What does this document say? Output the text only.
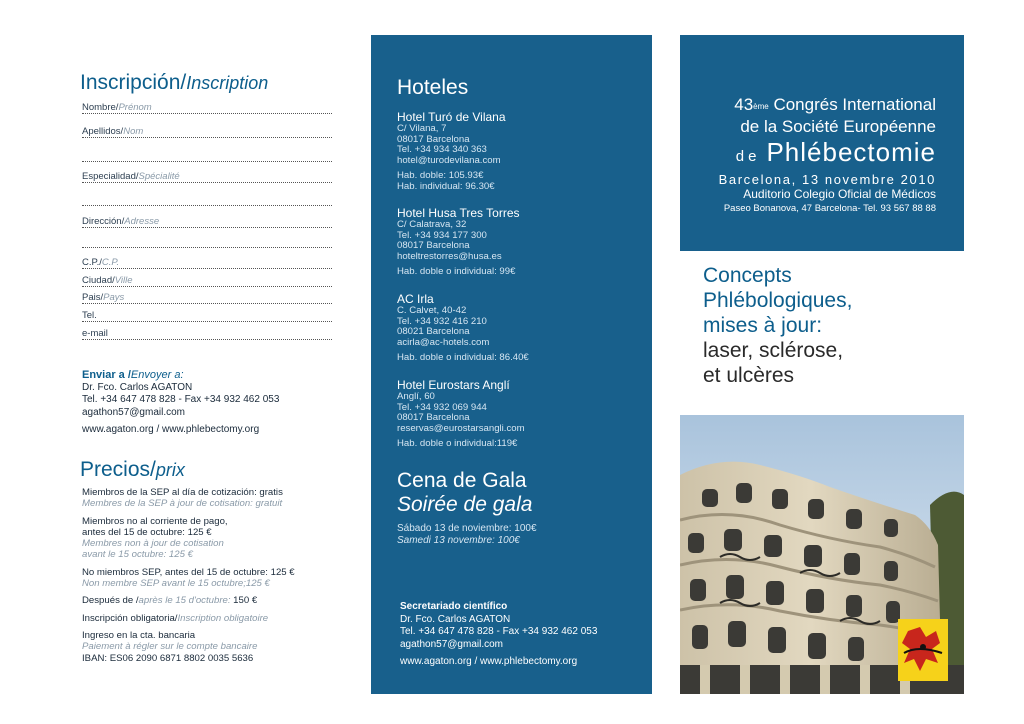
Inscripción/Inscription
Nombre/Prénom
Apellidos/Nom
Especialidad/Spécialité
Dirección/Adresse
C.P./C.P.
Ciudad/Ville
Pais/Pays
Tel.
e-mail
Enviar a /Envoyer a:
Dr. Fco. Carlos AGATON
Tel. +34 647 478 828 - Fax +34 932 462 053
agathon57@gmail.com
www.agaton.org / www.phlebectomy.org
Precios/prix

Miembros de la SEP al día de cotización: gratis
Membres de la SEP à jour de cotisation: gratuit

Miembros no al corriente de pago,
antes del 15 de octubre: 125 €
Membres non à jour de cotisation
avant le 15 octubre: 125 €

No miembros SEP, antes del 15 de octubre: 125 €
Non membre SEP avant le 15 octubre;125 €

Después de /après le 15 d'octubre: 150 €

Inscripción obligatoria/Inscription obligatoire

Ingreso en la cta. bancaria
Paiement à régler sur le compte bancaire
IBAN: ES06 2090 6871 8802 0035 5636

Hoteles
Hotel Turó de Vilana
C/ Vilana, 7
08017 Barcelona
Tel. +34 934 340 363
hotel@turodevilana.com
Hab. doble: 105.93€
Hab. individual: 96.30€
Hotel Husa Tres Torres
C/ Calatrava, 32
Tel. +34 934 177 300
08017 Barcelona
hoteltrestorres@husa.es
Hab. doble o individual: 99€
AC Irla
C. Calvet, 40-42
Tel. +34 932 416 210
08021 Barcelona
acirla@ac-hotels.com
Hab. doble o individual: 86.40€
Hotel Eurostars Anglí
Anglí, 60
Tel. +34 932 069 944
08017 Barcelona
reservas@eurostarsangli.com
Hab. doble o individual:119€
Cena de Gala
Soirée de gala
Sábado 13 de noviembre: 100€
Samedi 13 novembre: 100€
Secretariado científico
Dr. Fco. Carlos AGATON
Tel. +34 647 478 828 - Fax +34 932 462 053
agathon57@gmail.com
www.agaton.org / www.phlebectomy.org
43ème Congrés International
de la Société Européenne
de Phlébectomie
Barcelona, 13 novembre 2010
Auditorio Colegio Oficial de Médicos
Paseo Bonanova, 47 Barcelona- Tel. 93 567 88 88
Concepts
Phlébologiques,
mises à jour:
laser, sclérose,
et ulcères
